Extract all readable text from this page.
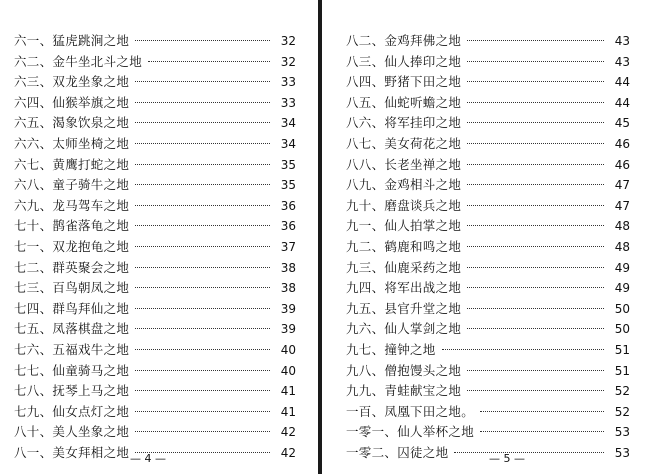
六一、猛虎跳涧之地	32
六二、金牛坐北斗之地	32
六三、双龙坐象之地	33
六四、仙猴举旗之地	33
六五、渴象饮泉之地	34
六六、太师坐椅之地	34
六七、黄鹰打蛇之地	35
六八、童子骑牛之地	35
六九、龙马驾车之地	36
七十、鹊雀落龟之地	36
七一、双龙抱龟之地	37
七二、群英聚会之地	38
七三、百鸟朝凤之地	38
七四、群鸟拜仙之地	39
七五、凤落棋盘之地	39
七六、五福戏牛之地	40
七七、仙童骑马之地	40
七八、抚琴上马之地	41
七九、仙女点灯之地	41
八十、美人坐象之地	42
八一、美女拜相之地	42
— 4 —
八二、金鸡拜佛之地	43
八三、仙人捧印之地	43
八四、野猪下田之地	44
八五、仙蛇听蟾之地	44
八六、将军挂印之地	45
八七、美女荷花之地	46
八八、长老坐禅之地	46
八九、金鸡相斗之地	47
九十、磨盘谈兵之地	47
九一、仙人拍掌之地	48
九二、鹤鹿和鸣之地	48
九三、仙鹿采药之地	49
九四、将军出战之地	49
九五、县官升堂之地	50
九六、仙人掌剑之地	50
九七、撞钟之地	51
九八、僧抱馒头之地	51
九九、青蛙献宝之地	52
一百、凤凰下田之地。	52
一零一、仙人举杯之地	53
一零二、囚徒之地	53
— 5 —
